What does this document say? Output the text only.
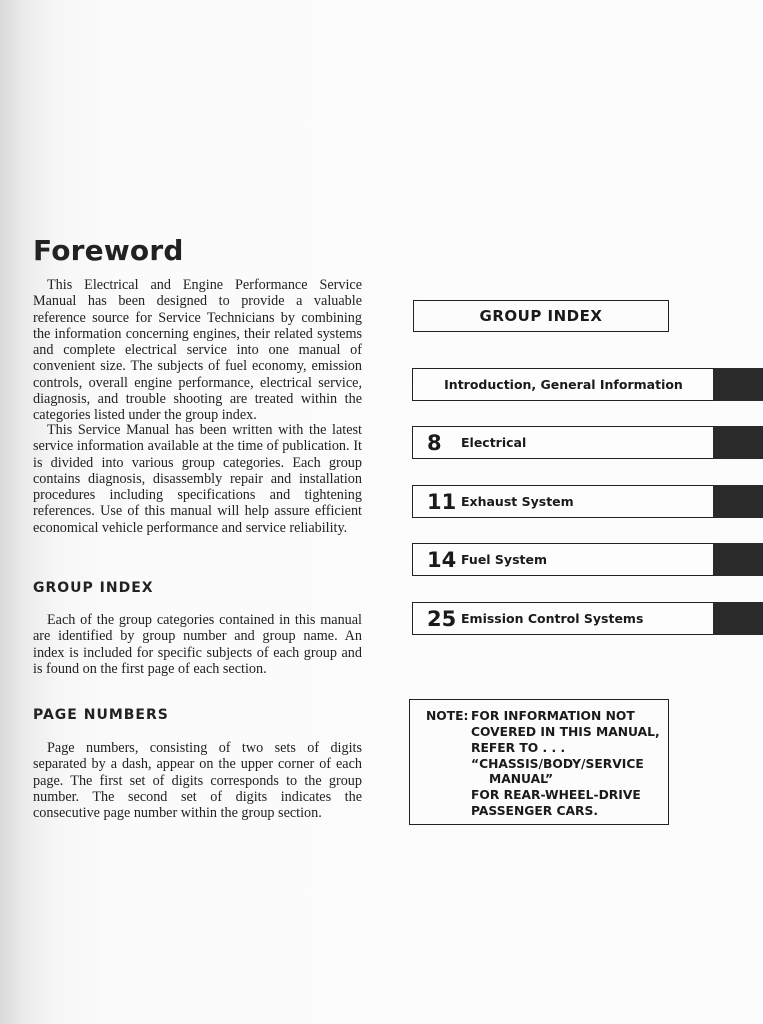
Foreword

This Electrical and Engine Performance Service Manual has been designed to provide a valuable reference source for Service Technicians by combining the information concerning engines, their related systems and complete electrical service into one manual of convenient size. The subjects of fuel economy, emission controls, overall engine performance, electrical service, diagnosis, and trouble shooting are treated within the categories listed under the group index.

This Service Manual has been written with the latest service information available at the time of publication. It is divided into various group categories. Each group contains diagnosis, disassembly repair and installation procedures including specifications and tightening references. Use of this manual will help assure efficient economical vehicle performance and service reliability.

GROUP INDEX

Each of the group categories contained in this manual are identified by group number and group name. An index is included for specific subjects of each group and is found on the first page of each section.

PAGE NUMBERS

Page numbers, consisting of two sets of digits separated by a dash, appear on the upper corner of each page. The first set of digits corresponds to the group number. The second set of digits indicates the consecutive page number within the group section.

GROUP INDEX
Introduction, General Information
8	Electrical
11 Exhaust System
14 Fuel System
25 Emission Control Systems
NOTE: FOR INFORMATION NOT
COVERED IN THIS MANUAL,
REFER TO . . .
“CHASSIS/BODY/SERVICE
MANUAL”
FOR REAR-WHEEL-DRIVE
PASSENGER CARS.
